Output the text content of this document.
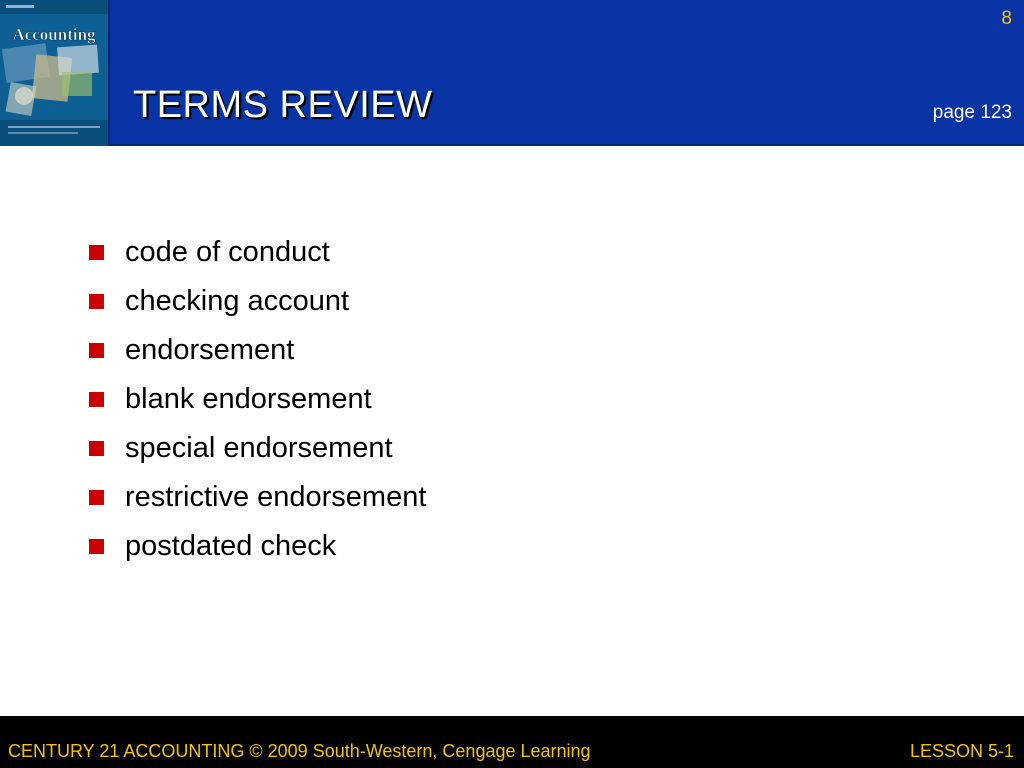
Accounting
8
TERMS REVIEW	page 123
code of conduct
checking account
endorsement
blank endorsement
special endorsement
restrictive endorsement
postdated check
CENTURY 21 ACCOUNTING © 2009 South-Western, Cengage Learning	LESSON 5-1
